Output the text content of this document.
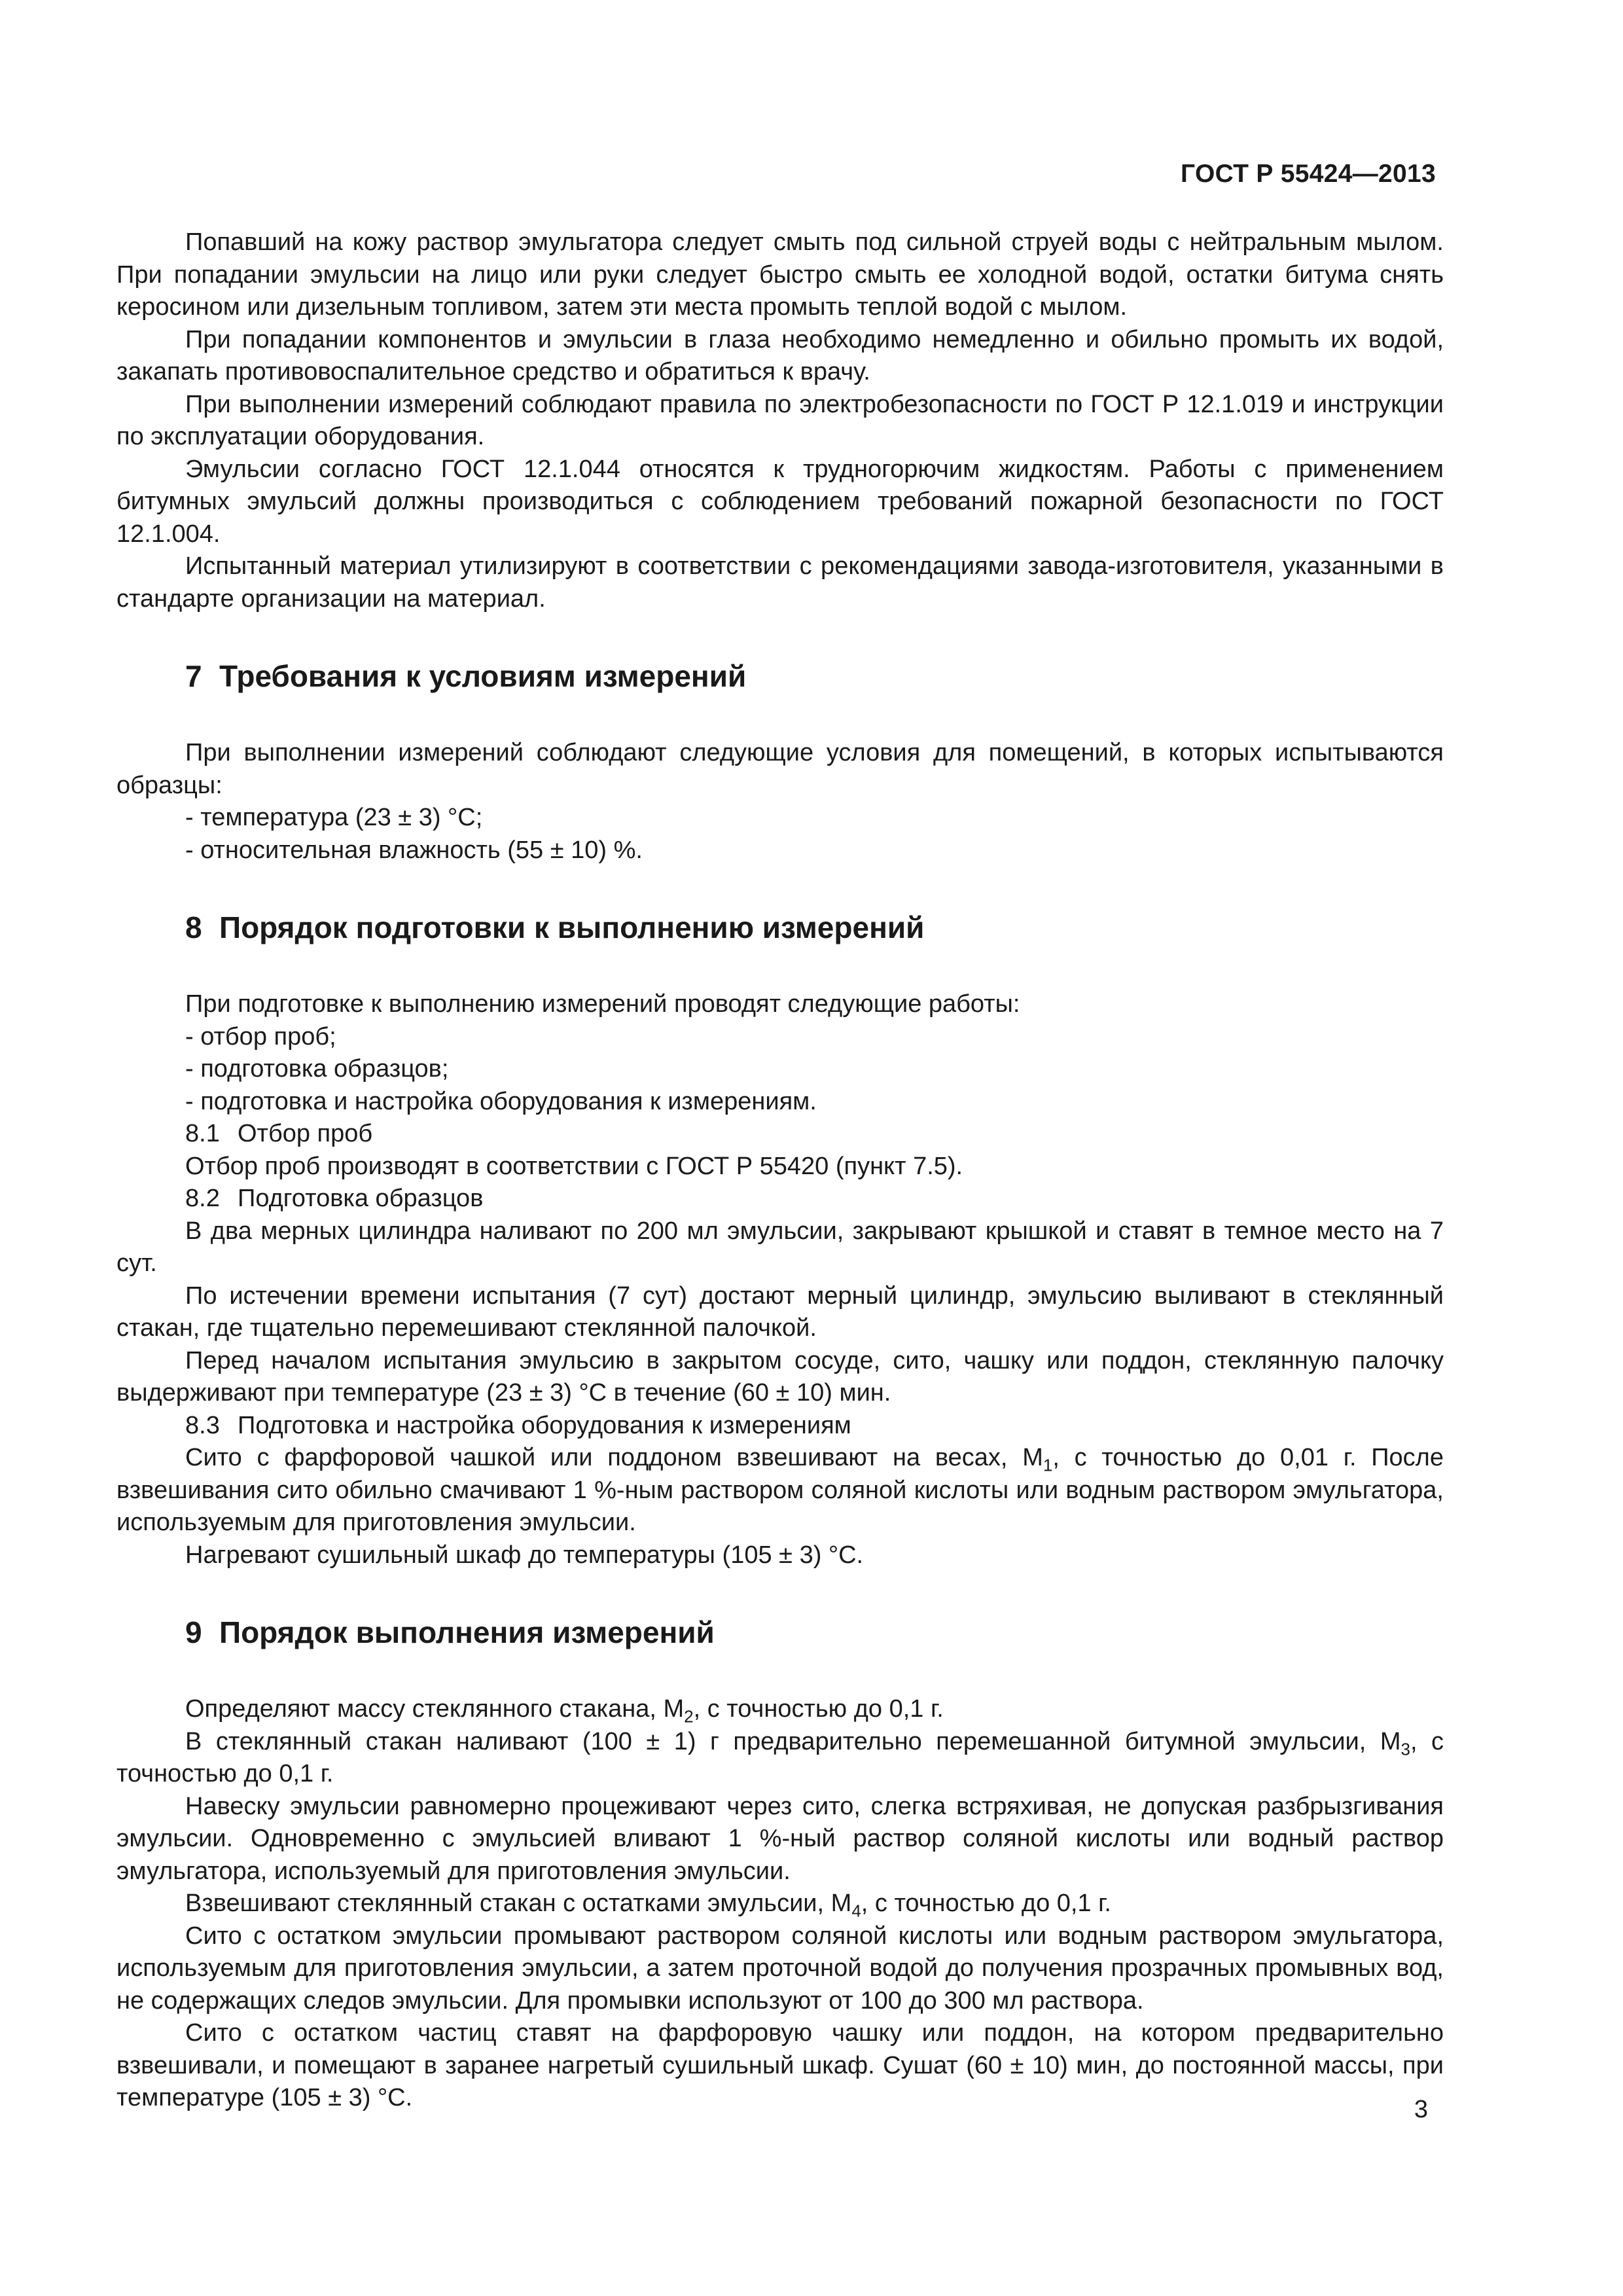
ГОСТ Р 55424—2013

Попавший на кожу раствор эмульгатора следует смыть под сильной струей воды с нейтральным мылом. При попадании эмульсии на лицо или руки следует быстро смыть ее холодной водой, остатки битума снять керосином или дизельным топливом, затем эти места промыть теплой водой с мылом.

При попадании компонентов и эмульсии в глаза необходимо немедленно и обильно промыть их водой, закапать противовоспалительное средство и обратиться к врачу.

При выполнении измерений соблюдают правила по электробезопасности по ГОСТ Р 12.1.019 и инструкции по эксплуатации оборудования.

Эмульсии согласно ГОСТ 12.1.044 относятся к трудногорючим жидкостям. Работы с применением битумных эмульсий должны производиться с соблюдением требований пожарной безопасности по ГОСТ 12.1.004.

Испытанный материал утилизируют в соответствии с рекомендациями завода-изготовителя, указанными в стандарте организации на материал.

7 Требования к условиям измерений

При выполнении измерений соблюдают следующие условия для помещений, в которых испытываются образцы:

- температура (23 ± 3) °С;

- относительная влажность (55 ± 10) %.

8 Порядок подготовки к выполнению измерений

При подготовке к выполнению измерений проводят следующие работы:

- отбор проб;

- подготовка образцов;

- подготовка и настройка оборудования к измерениям.

8.1 Отбор проб

Отбор проб производят в соответствии с ГОСТ Р 55420 (пункт 7.5).

8.2 Подготовка образцов

В два мерных цилиндра наливают по 200 мл эмульсии, закрывают крышкой и ставят в темное место на 7 сут.

По истечении времени испытания (7 сут) достают мерный цилиндр, эмульсию выливают в стеклянный стакан, где тщательно перемешивают стеклянной палочкой.

Перед началом испытания эмульсию в закрытом сосуде, сито, чашку или поддон, стеклянную палочку выдерживают при температуре (23 ± 3) °С в течение (60 ± 10) мин.

8.3 Подготовка и настройка оборудования к измерениям

Сито с фарфоровой чашкой или поддоном взвешивают на весах, $M_1$, с точностью до 0,01 г. После взвешивания сито обильно смачивают 1 %-ным раствором соляной кислоты или водным раствором эмульгатора, используемым для приготовления эмульсии.

Нагревают сушильный шкаф до температуры (105 ± 3) °С.

9 Порядок выполнения измерений

Определяют массу стеклянного стакана, $M_2$, с точностью до 0,1 г.

В стеклянный стакан наливают (100 ± 1) г предварительно перемешанной битумной эмульсии, $M_3$, с точностью до 0,1 г.

Навеску эмульсии равномерно процеживают через сито, слегка встряхивая, не допуская разбрызгивания эмульсии. Одновременно с эмульсией вливают 1 %-ный раствор соляной кислоты или водный раствор эмульгатора, используемый для приготовления эмульсии.

Взвешивают стеклянный стакан с остатками эмульсии, $M_4$, с точностью до 0,1 г.

Сито с остатком эмульсии промывают раствором соляной кислоты или водным раствором эмульгатора, используемым для приготовления эмульсии, а затем проточной водой до получения прозрачных промывных вод, не содержащих следов эмульсии. Для промывки используют от 100 до 300 мл раствора.

Сито с остатком частиц ставят на фарфоровую чашку или поддон, на котором предварительно взвешивали, и помещают в заранее нагретый сушильный шкаф. Сушат (60 ± 10) мин, до постоянной массы, при температуре (105 ± 3) °С.	3
